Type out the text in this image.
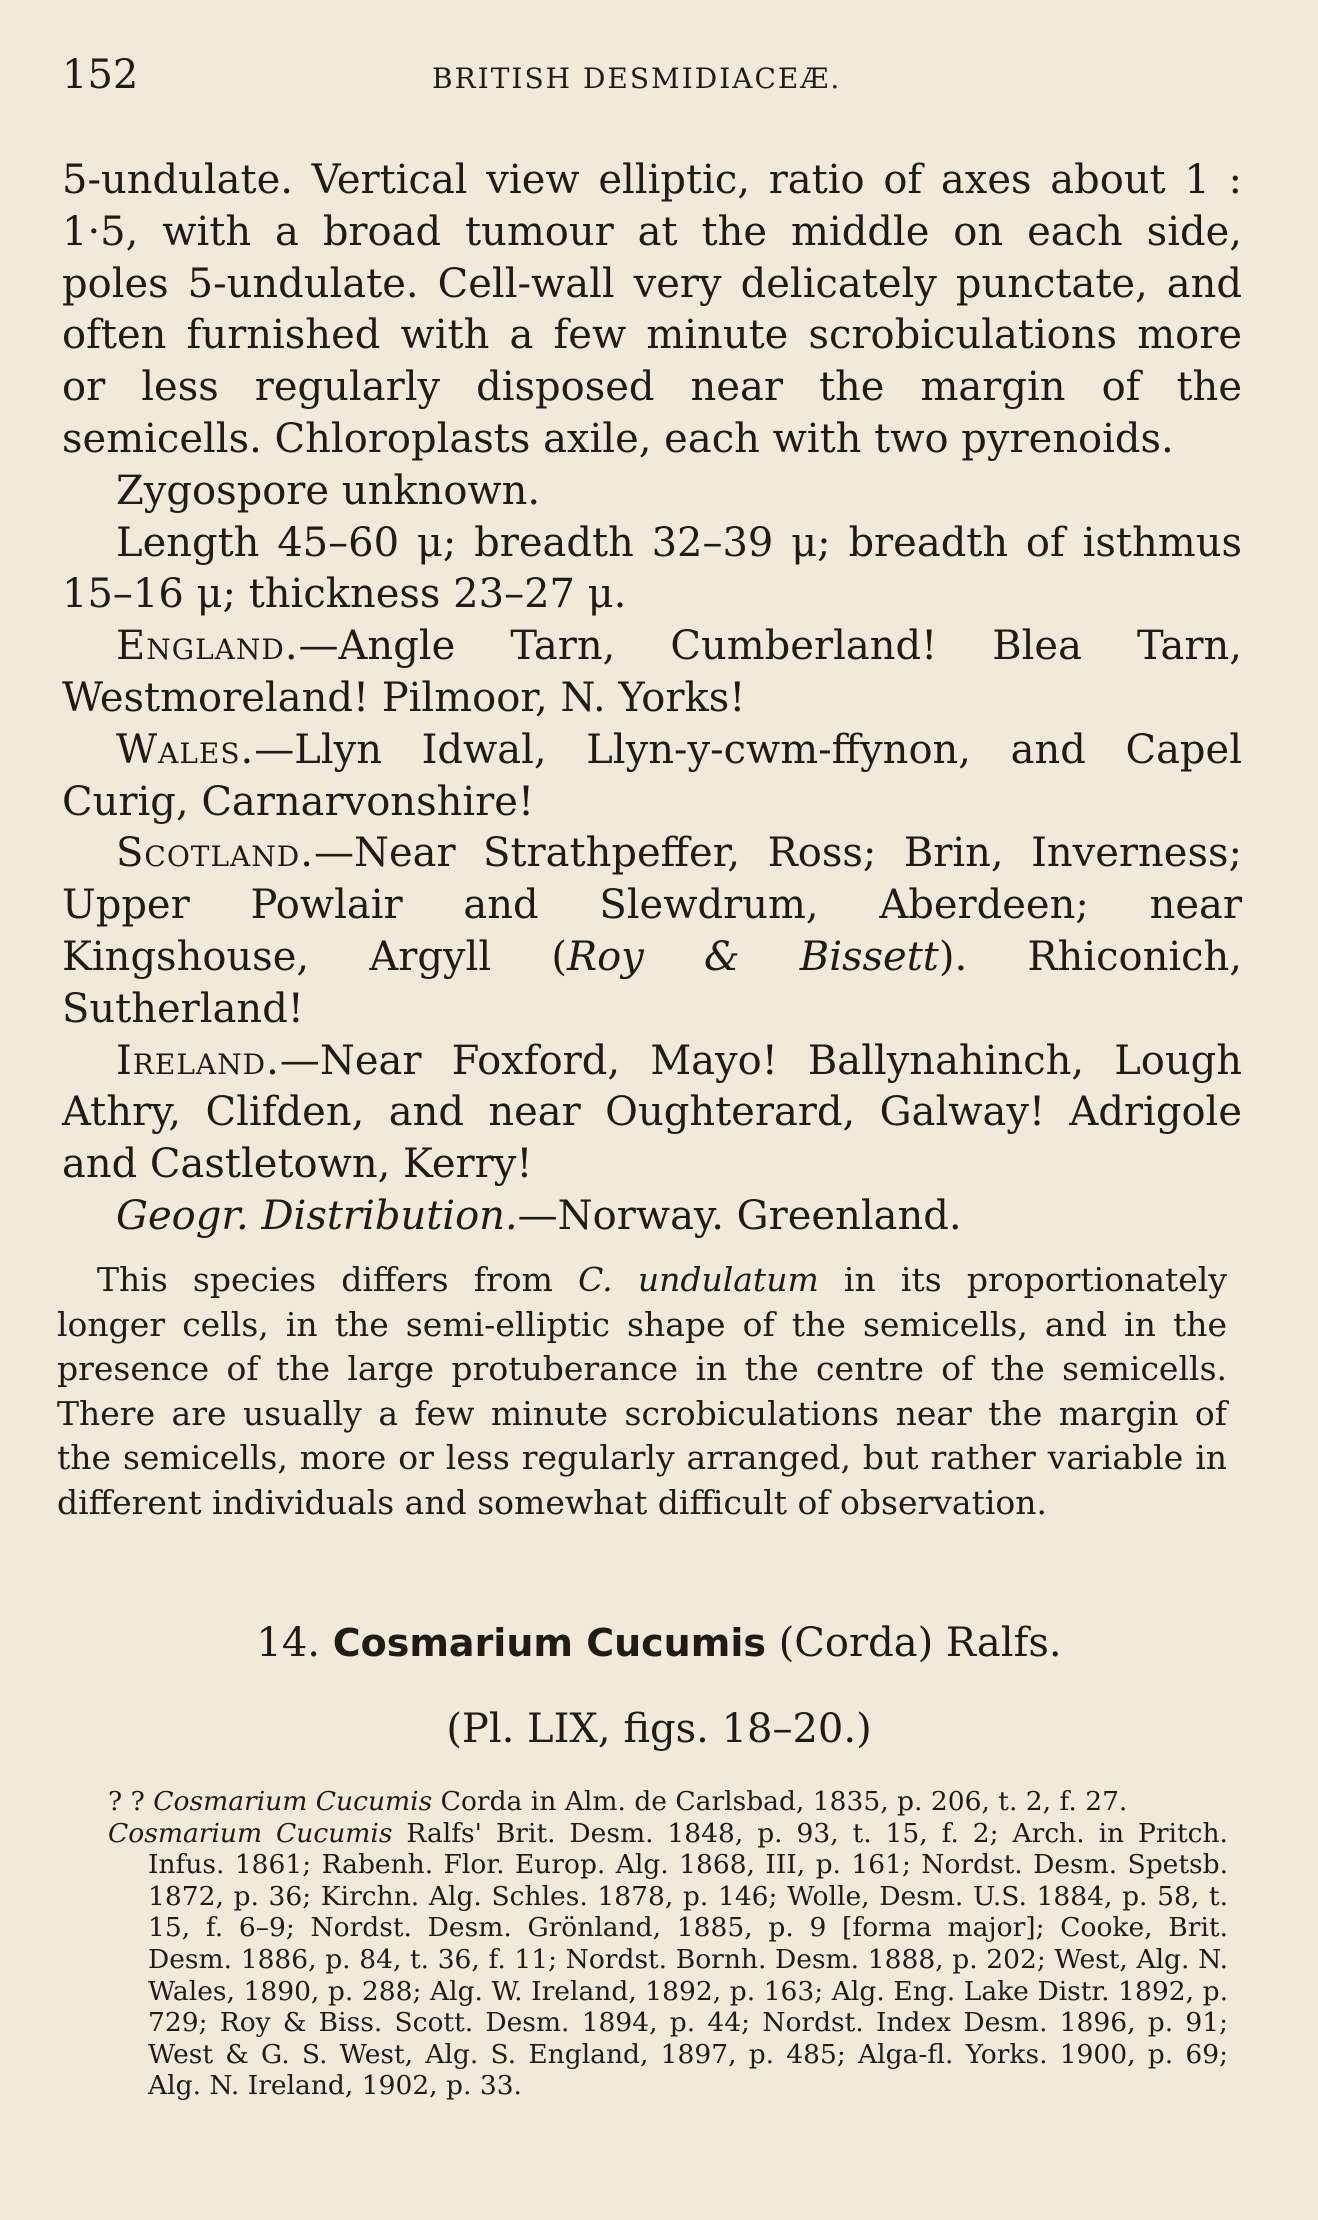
152	BRITISH DESMIDIACEÆ.

5-undulate. Vertical view elliptic, ratio of axes about 1 : 1·5, with a broad tumour at the middle on each side, poles 5-undulate. Cell-wall very delicately punctate, and often furnished with a few minute scrobiculations more or less regularly disposed near the margin of the semicells. Chloroplasts axile, each with two pyrenoids.

Zygospore unknown.

Length 45–60 μ; breadth 32–39 μ; breadth of isthmus 15–16 μ; thickness 23–27 μ.

England.—Angle Tarn, Cumberland! Blea Tarn, Westmoreland! Pilmoor, N. Yorks!

Wales.—Llyn Idwal, Llyn-y-cwm-ffynon, and Capel Curig, Carnarvonshire!

Scotland.—Near Strathpeffer, Ross; Brin, Inverness; Upper Powlair and Slewdrum, Aberdeen; near Kingshouse, Argyll (Roy & Bissett). Rhiconich, Sutherland!

Ireland.—Near Foxford, Mayo! Ballynahinch, Lough Athry, Clifden, and near Oughterard, Galway! Adrigole and Castletown, Kerry!

Geogr. Distribution.—Norway. Greenland.

This species differs from C. undulatum in its proportionately longer cells, in the semi-elliptic shape of the semicells, and in the presence of the large protuberance in the centre of the semicells. There are usually a few minute scrobiculations near the margin of the semicells, more or less regularly arranged, but rather variable in different individuals and somewhat difficult of observation.

14. Cosmarium Cucumis (Corda) Ralfs.
(Pl. LIX, figs. 18–20.)

? ? Cosmarium Cucumis Corda in Alm. de Carlsbad, 1835, p. 206, t. 2, f. 27.

Cosmarium Cucumis Ralfs' Brit. Desm. 1848, p. 93, t. 15, f. 2; Arch. in Pritch. Infus. 1861; Rabenh. Flor. Europ. Alg. 1868, III, p. 161; Nordst. Desm. Spetsb. 1872, p. 36; Kirchn. Alg. Schles. 1878, p. 146; Wolle, Desm. U.S. 1884, p. 58, t. 15, f. 6–9; Nordst. Desm. Grönland, 1885, p. 9 [forma major]; Cooke, Brit. Desm. 1886, p. 84, t. 36, f. 11; Nordst. Bornh. Desm. 1888, p. 202; West, Alg. N. Wales, 1890, p. 288; Alg. W. Ireland, 1892, p. 163; Alg. Eng. Lake Distr. 1892, p. 729; Roy & Biss. Scott. Desm. 1894, p. 44; Nordst. Index Desm. 1896, p. 91; West & G. S. West, Alg. S. England, 1897, p. 485; Alga-fl. Yorks. 1900, p. 69; Alg. N. Ireland, 1902, p. 33.
